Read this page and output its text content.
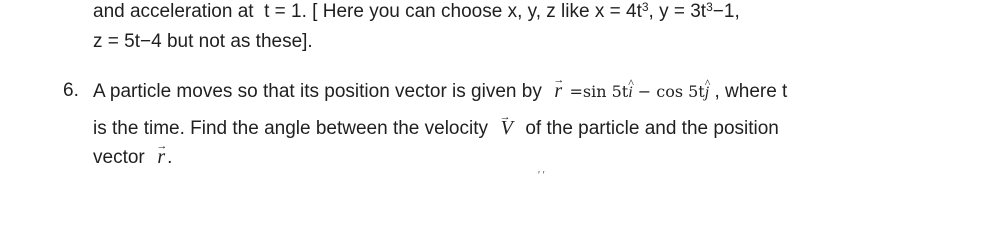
and acceleration at t = 1. [ Here you can choose x, y, z like $x = 4t^3$, $y = 3t^3-1$,
z = 5t−4 but not as these].
6. A particle moves so that its position vector is given by → r =sin 5t^ i − cos 5t^ j , where t
is the time. Find the angle between the velocity → V of the particle and the position
vector → r .
′ ′
